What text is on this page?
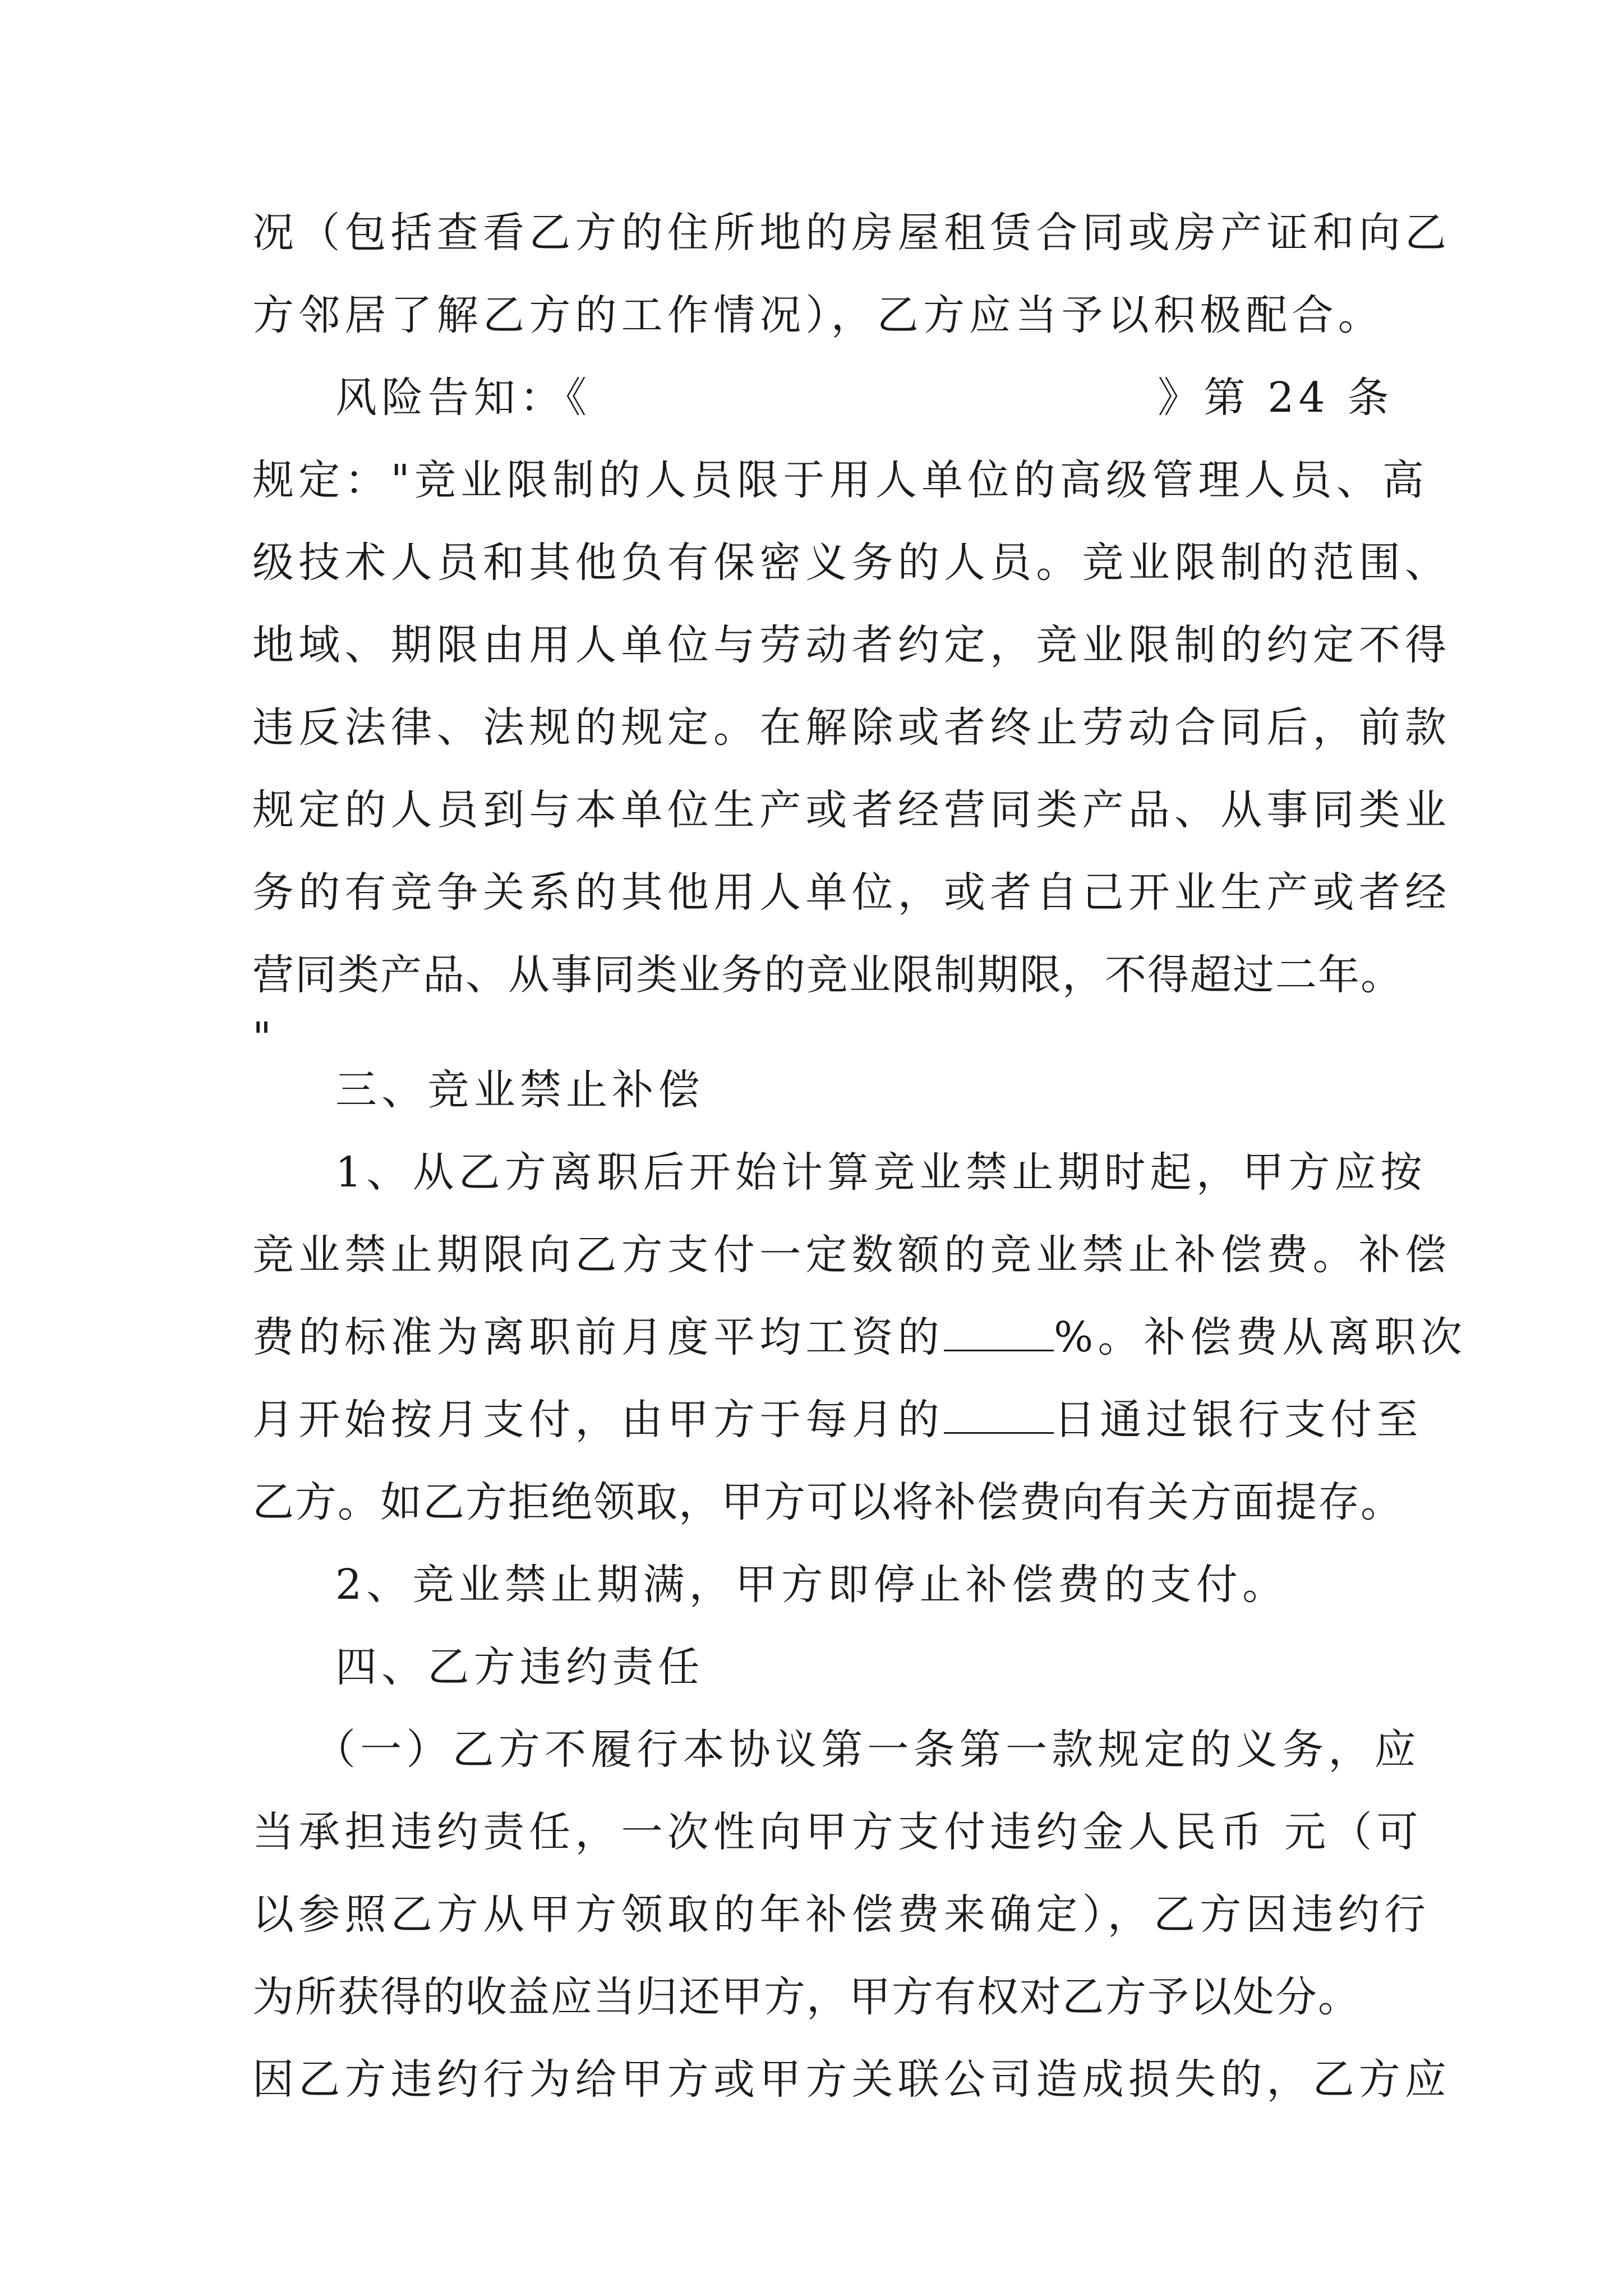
况（包括查看乙方的住所地的房屋租赁合同或房产证和向乙
方邻居了解乙方的工作情况），乙方应当予以积极配合。
风险告知：《	》第 24 条
规定："竞业限制的人员限于用人单位的高级管理人员、高
级技术人员和其他负有保密义务的人员。竞业限制的范围、
地域、期限由用人单位与劳动者约定，竞业限制的约定不得
违反法律、法规的规定。在解除或者终止劳动合同后，前款
规定的人员到与本单位生产或者经营同类产品、从事同类业
务的有竞争关系的其他用人单位，或者自己开业生产或者经
营同类产品、从事同类业务的竞业限制期限，不得超过二年。
"
三、竞业禁止补偿
1、从乙方离职后开始计算竞业禁止期时起，甲方应按
竞业禁止期限向乙方支付一定数额的竞业禁止补偿费。补偿
费的标准为离职前月度平均工资的	%。补偿费从离职次
月开始按月支付，由甲方于每月的	日通过银行支付至
乙方。如乙方拒绝领取，甲方可以将补偿费向有关方面提存。
2、竞业禁止期满，甲方即停止补偿费的支付。
四、乙方违约责任
（一）乙方不履行本协议第一条第一款规定的义务，应
当承担违约责任，一次性向甲方支付违约金人民币 元（可
以参照乙方从甲方领取的年补偿费来确定），乙方因违约行
为所获得的收益应当归还甲方，甲方有权对乙方予以处分。
因乙方违约行为给甲方或甲方关联公司造成损失的，乙方应
